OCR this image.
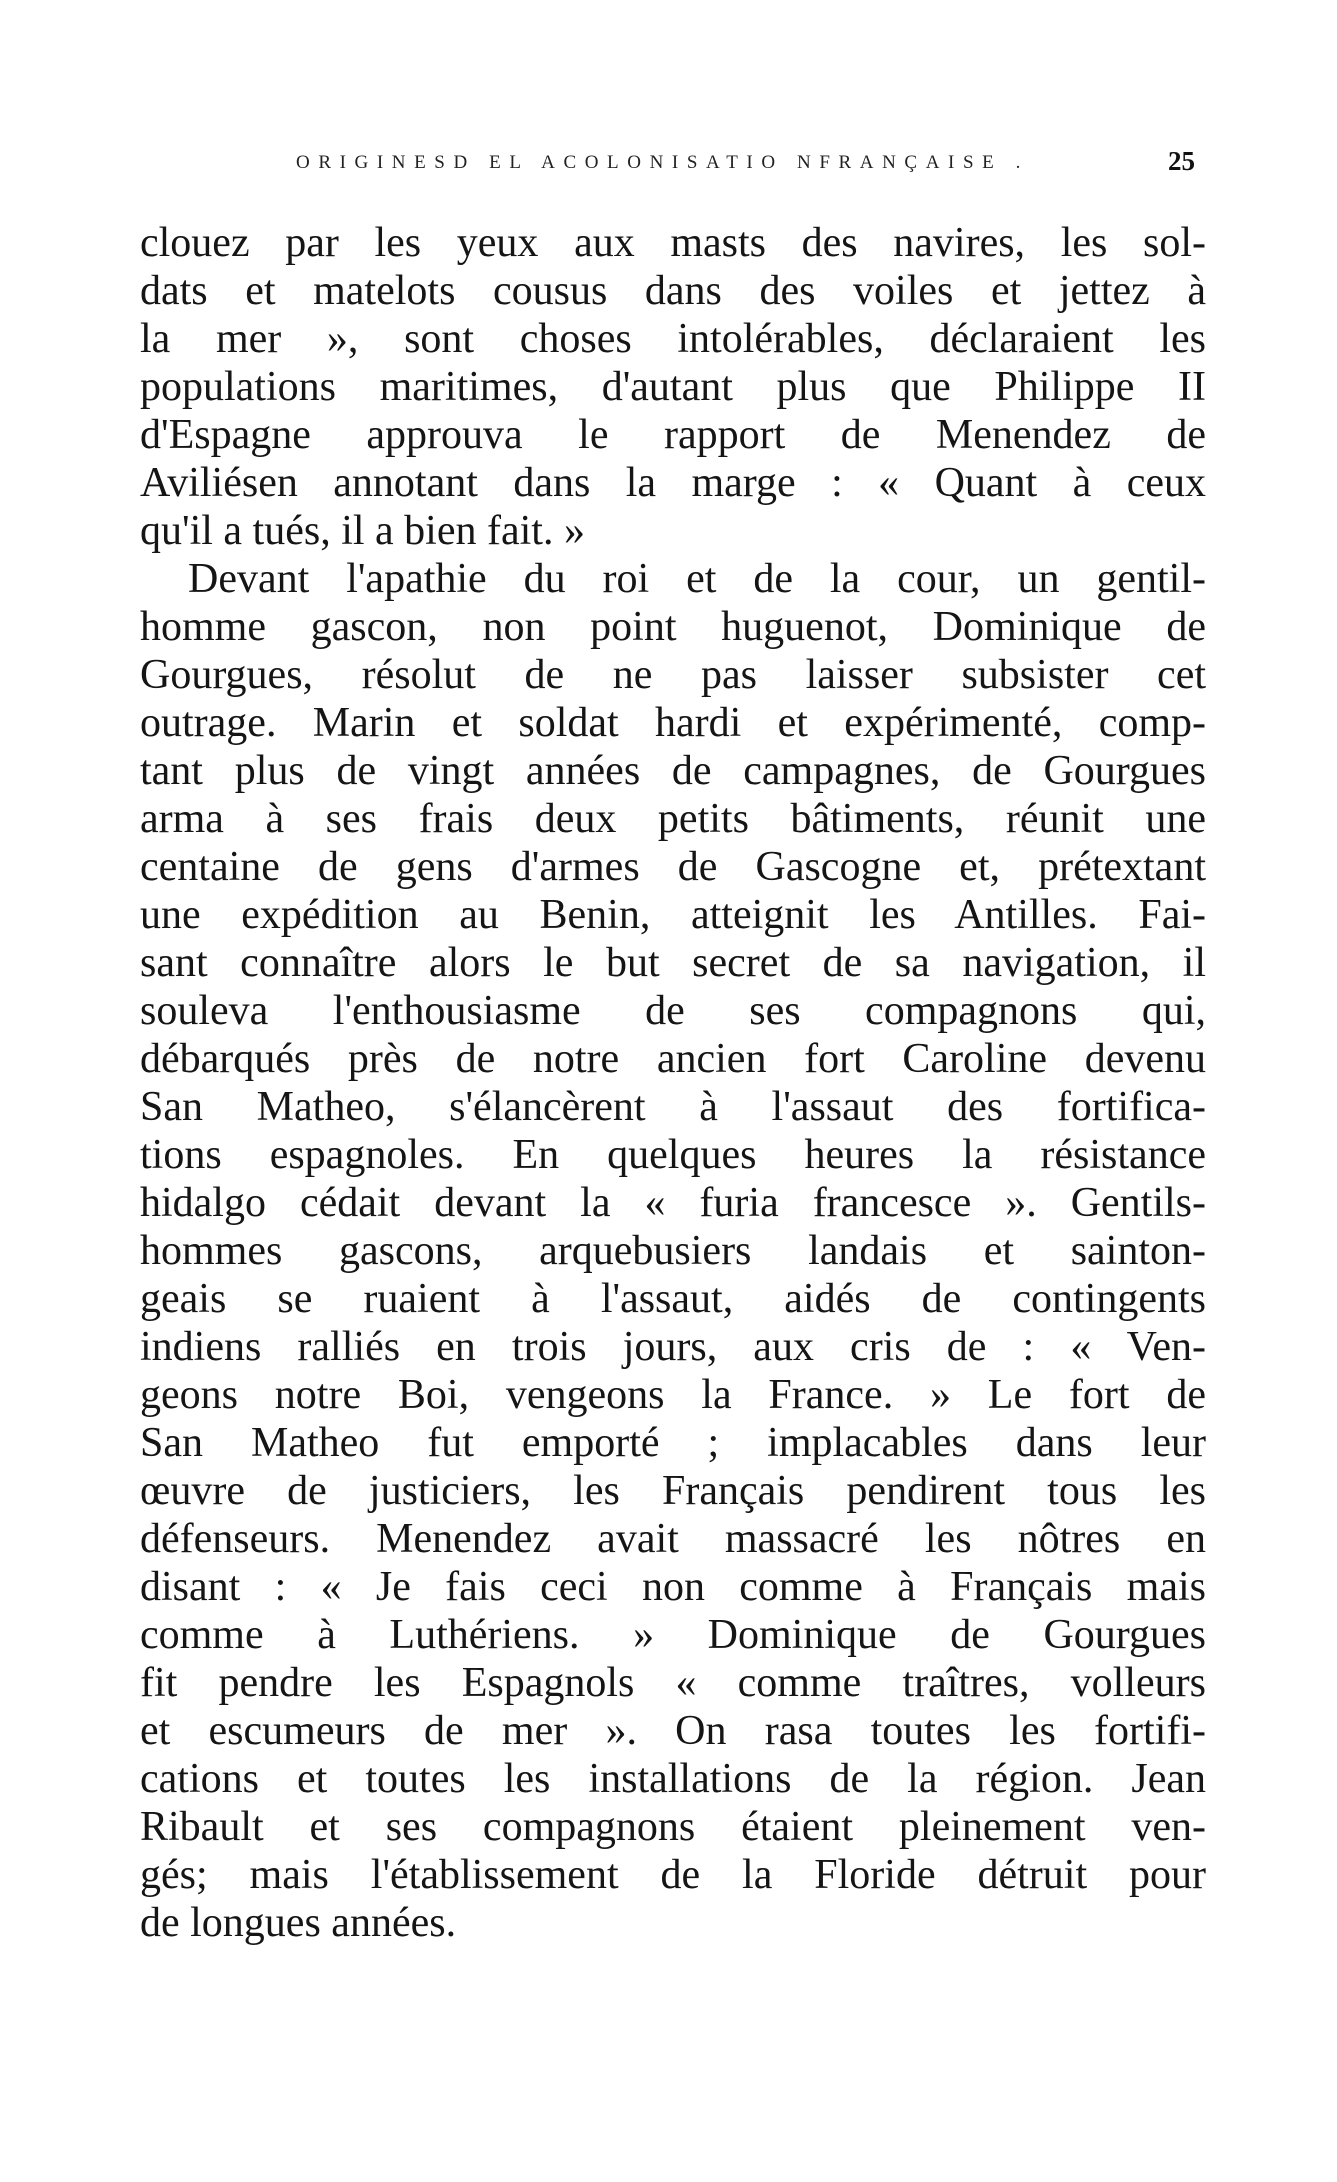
ORIGINESD EL ACOLONISATIO NFRANÇAISE .	25
clouez par les yeux aux masts des navires, les sol-
dats et matelots cousus dans des voiles et jettez à
la mer », sont choses intolérables, déclaraient les
populations maritimes, d'autant plus que Philippe II
d'Espagne approuva le rapport de Menendez de
Aviliésen annotant dans la marge : « Quant à ceux
qu'il a tués, il a bien fait. »
Devant l'apathie du roi et de la cour, un gentil-
homme gascon, non point huguenot, Dominique de
Gourgues, résolut de ne pas laisser subsister cet
outrage. Marin et soldat hardi et expérimenté, comp-
tant plus de vingt années de campagnes, de Gourgues
arma à ses frais deux petits bâtiments, réunit une
centaine de gens d'armes de Gascogne et, prétextant
une expédition au Benin, atteignit les Antilles. Fai-
sant connaître alors le but secret de sa navigation, il
souleva l'enthousiasme de ses compagnons qui,
débarqués près de notre ancien fort Caroline devenu
San Matheo, s'élancèrent à l'assaut des fortifica-
tions espagnoles. En quelques heures la résistance
hidalgo cédait devant la « furia francesce ». Gentils-
hommes gascons, arquebusiers landais et sainton-
geais se ruaient à l'assaut, aidés de contingents
indiens ralliés en trois jours, aux cris de : « Ven-
geons notre Boi, vengeons la France. » Le fort de
San Matheo fut emporté ; implacables dans leur
œuvre de justiciers, les Français pendirent tous les
défenseurs. Menendez avait massacré les nôtres en
disant : « Je fais ceci non comme à Français mais
comme à Luthériens. » Dominique de Gourgues
fit pendre les Espagnols « comme traîtres, volleurs
et escumeurs de mer ». On rasa toutes les fortifi-
cations et toutes les installations de la région. Jean
Ribault et ses compagnons étaient pleinement ven-
gés; mais l'établissement de la Floride détruit pour
de longues années.
